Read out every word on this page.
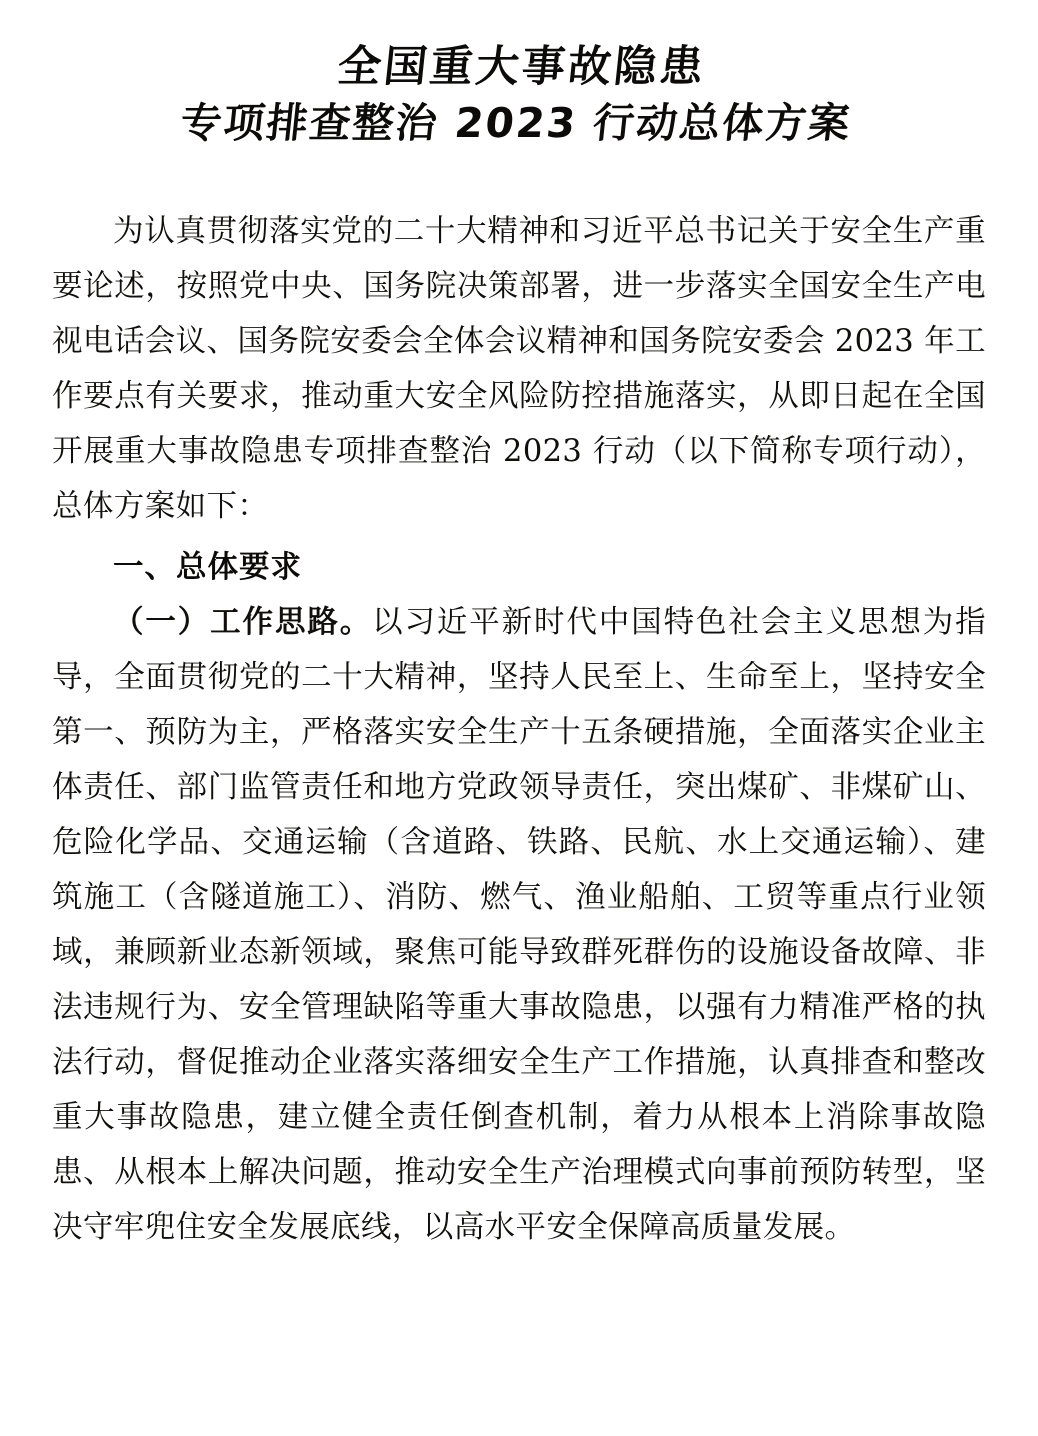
全国重大事故隐患
专项排查整治 2023 行动总体方案

为认真贯彻落实党的二十大精神和习近平总书记关于安全生产重要论述，按照党中央、国务院决策部署，进一步落实全国安全生产电视电话会议、国务院安委会全体会议精神和国务院安委会 2023 年工作要点有关要求，推动重大安全风险防控措施落实，从即日起在全国开展重大事故隐患专项排查整治 2023 行动（以下简称专项行动），总体方案如下：

一、总体要求

（一）工作思路。以习近平新时代中国特色社会主义思想为指导，全面贯彻党的二十大精神，坚持人民至上、生命至上，坚持安全第一、预防为主，严格落实安全生产十五条硬措施，全面落实企业主体责任、部门监管责任和地方党政领导责任，突出煤矿、非煤矿山、危险化学品、交通运输（含道路、铁路、民航、水上交通运输）、建筑施工（含隧道施工）、消防、燃气、渔业船舶、工贸等重点行业领域，兼顾新业态新领域，聚焦可能导致群死群伤的设施设备故障、非法违规行为、安全管理缺陷等重大事故隐患，以强有力精准严格的执法行动，督促推动企业落实落细安全生产工作措施，认真排查和整改重大事故隐患，建立健全责任倒查机制，着力从根本上消除事故隐患、从根本上解决问题，推动安全生产治理模式向事前预防转型，坚决守牢兜住安全发展底线，以高水平安全保障高质量发展。
